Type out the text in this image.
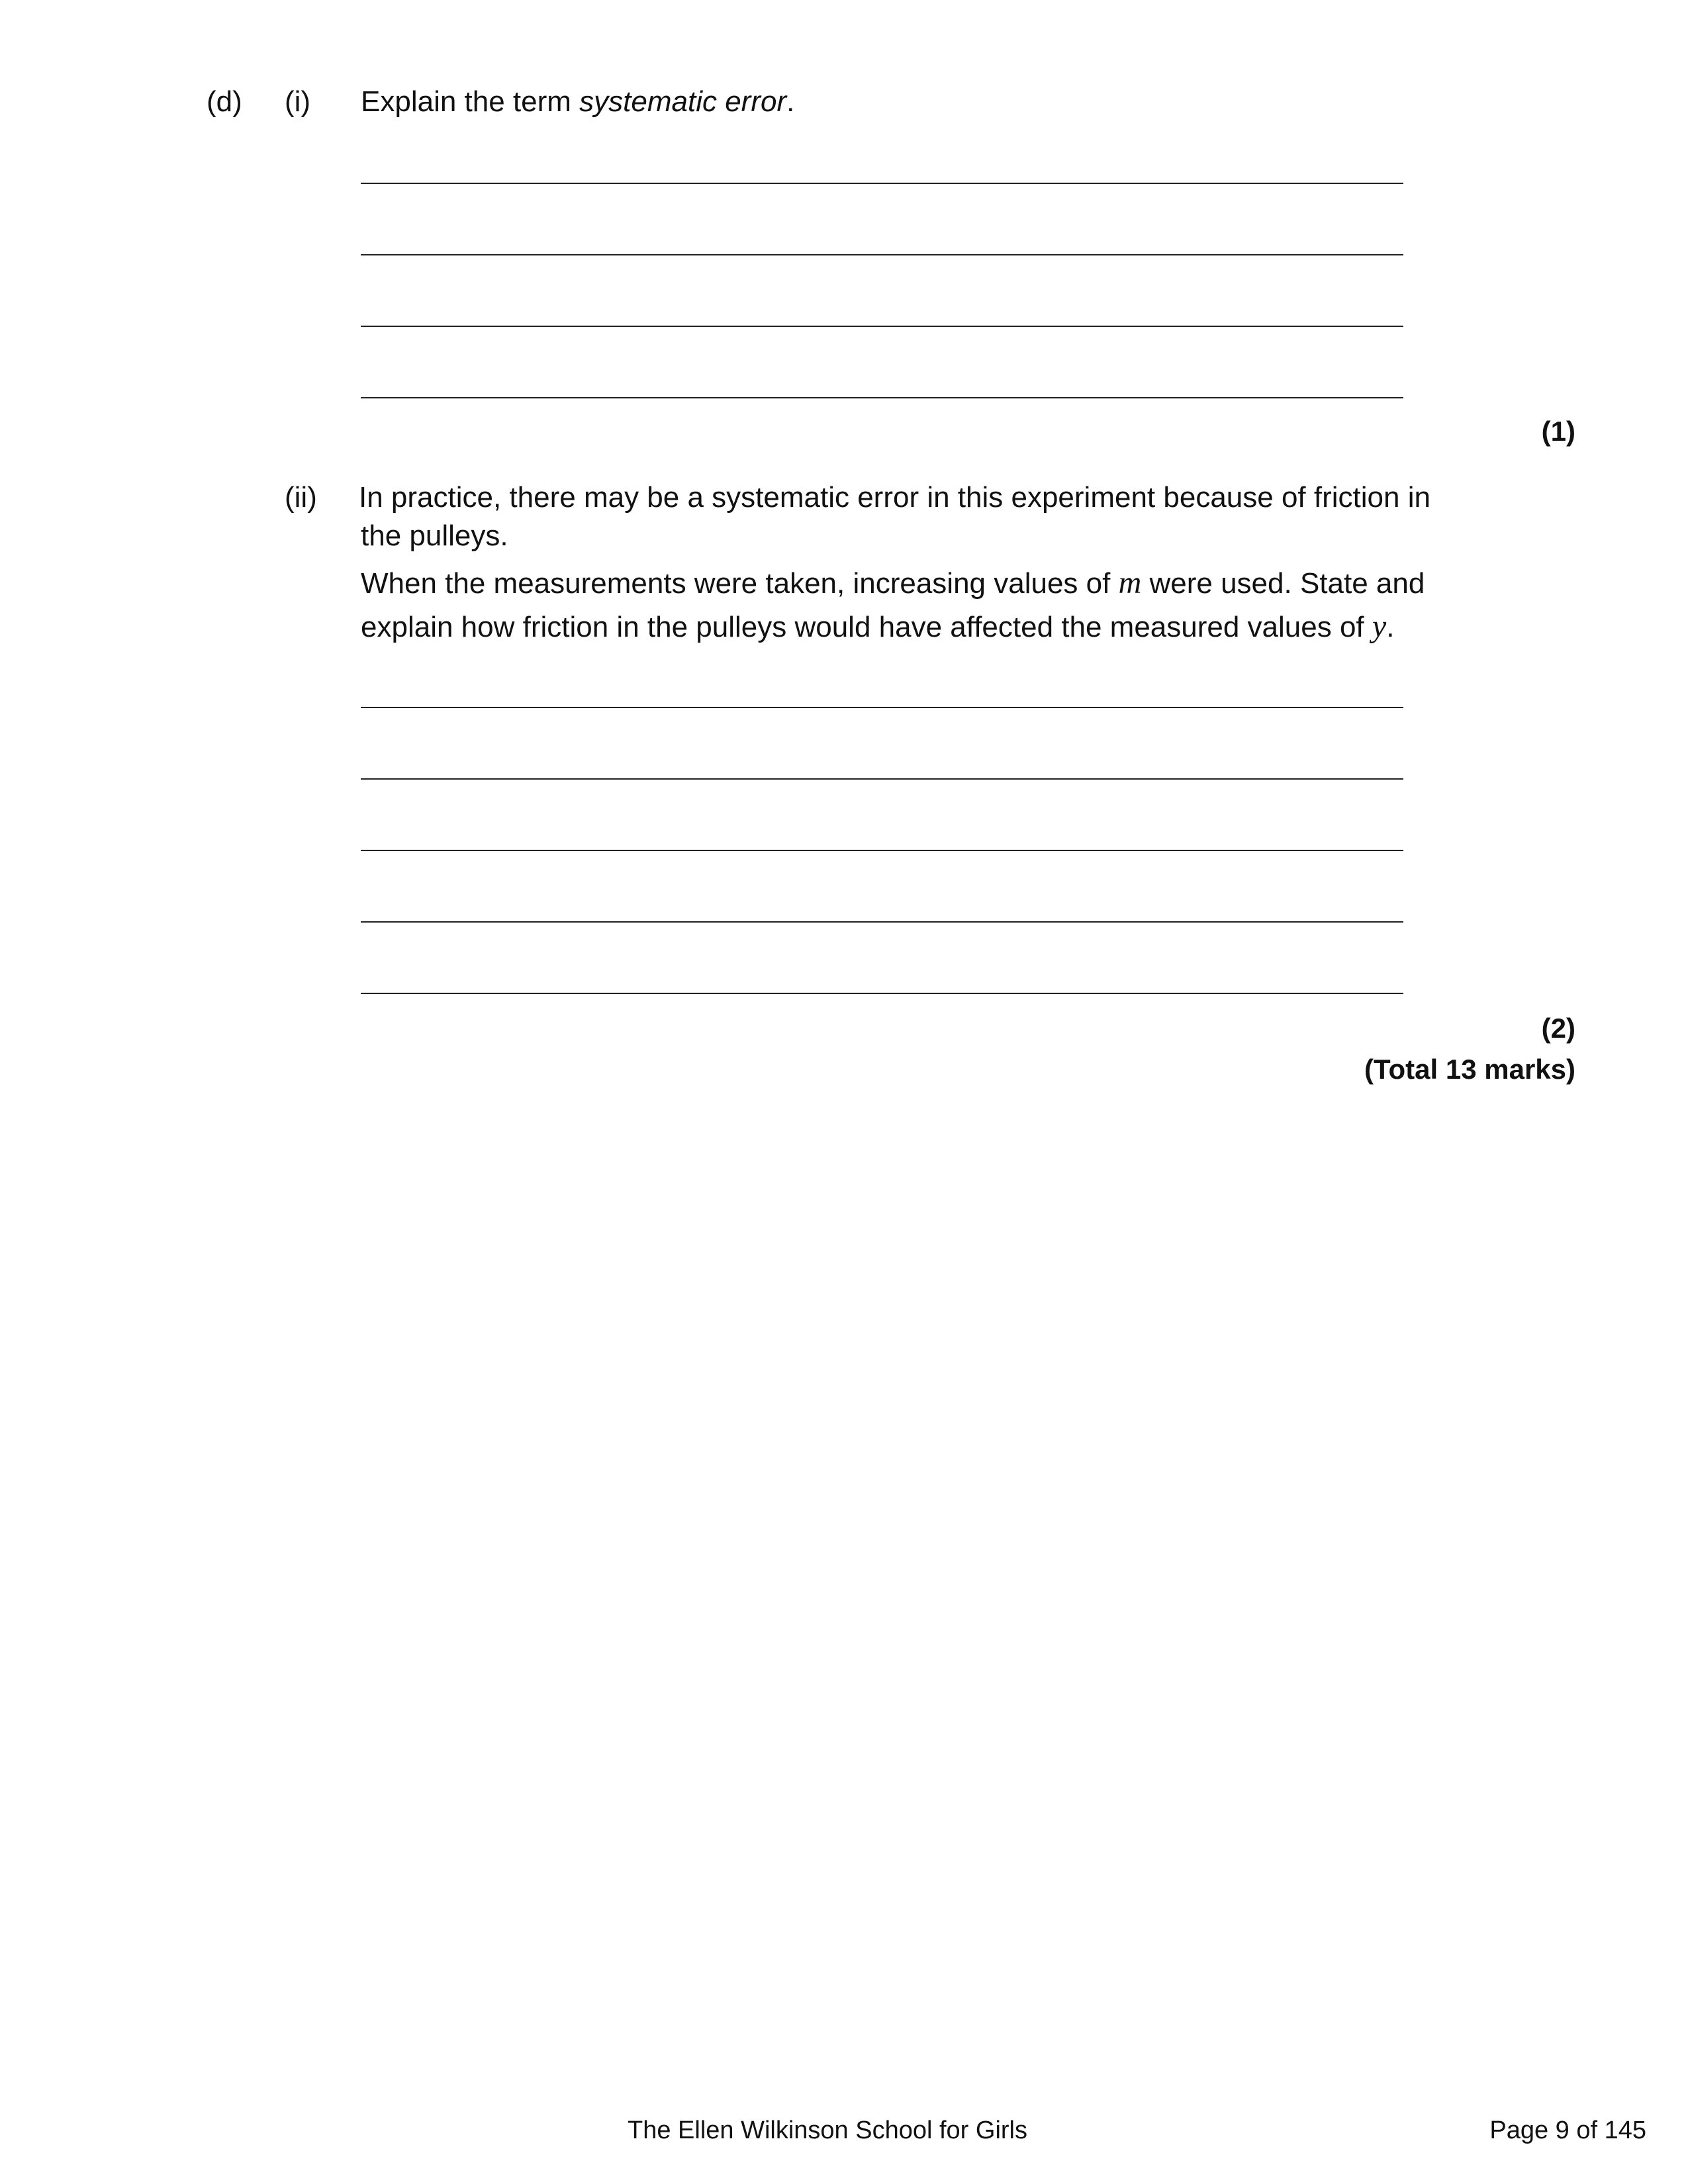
(d) (i) Explain the term systematic error.
(1)
(ii) In practice, there may be a systematic error in this experiment because of friction in
the pulleys.
When the measurements were taken, increasing values of m were used. State and
explain how friction in the pulleys would have affected the measured values of y.
(2)
(Total 13 marks)
The Ellen Wilkinson School for Girls	Page 9 of 145
